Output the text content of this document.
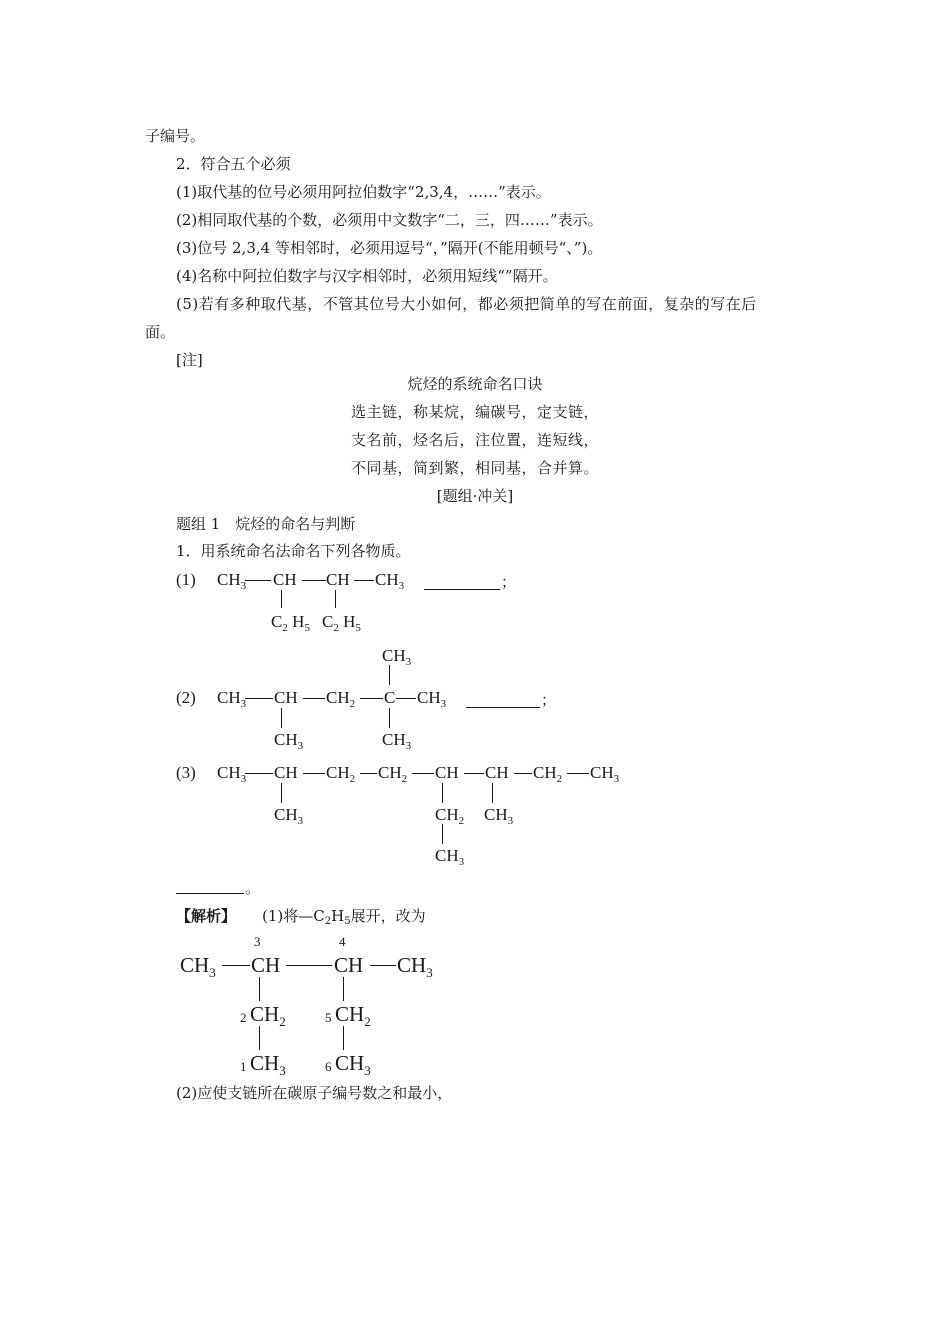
子编号。
2．符合五个必须
(1)取代基的位号必须用阿拉伯数字“2,3,4，……”表示。
(2)相同取代基的个数，必须用中文数字“二，三，四……”表示。
(3)位号 2,3,4 等相邻时，必须用逗号“，”隔开(不能用顿号“、”)。
(4)名称中阿拉伯数字与汉字相邻时，必须用短线“”隔开。
(5)若有多种取代基，不管其位号大小如何，都必须把简单的写在前面，复杂的写在后
面。
[注]
烷烃的系统命名口诀
选主链，称某烷，编碳号，定支链，
支名前，烃名后，注位置，连短线，
不同基，简到繁，相同基，合并算。
[题组·冲关]
题组 1　烷烃的命名与判断
1．用系统命名法命名下列各物质。
(1) $CH_3$ CH CH $CH_3$	；
$C_2$ $H_5$ $C_2$ $H_5$
$CH_3$
(2) $CH_3$ CH $CH_2$ C $CH_3$	；
$CH_3$	$CH_3$
(3) $CH_3$ CH $CH_2$ $CH_2$ CH CH $CH_2$ $CH_3$
$CH_3$	$CH_2$ $CH_3$
$CH_3$
。
【解析】 (1)将$—C_2H_5$展开，改为
3	4
$CH_3$ CH	CH $CH_3$
2 $CH_2$	5 $CH_2$
1 $CH_3$	6 $CH_3$
(2)应使支链所在碳原子编号数之和最小，
